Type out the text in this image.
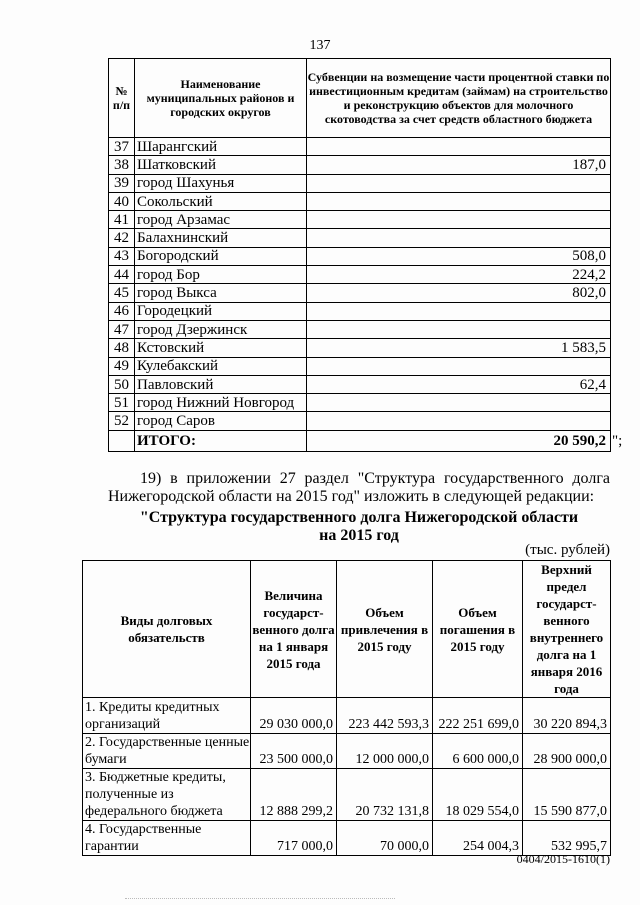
137
№ п/п	Наименование муниципальных районов и городских округов	Субвенции на возмещение части процентной ставки по инвестиционным кредитам (займам) на строительство и реконструкцию объектов для молочного скотоводства за счет средств областного бюджета
37	Шарангский	
38	Шатковский	187,0
39	город Шахунья	
40	Сокольский	
41	город Арзамас	
42	Балахнинский	
43	Богородский	508,0
44	город Бор	224,2
45	город Выкса	802,0
46	Городецкий	
47	город Дзержинск	
48	Кстовский	1 583,5
49	Кулебакский	
50	Павловский	62,4
51	город Нижний Новгород	
52	город Саров	
	ИТОГО:	20 590,2 ";
19) в приложении 27 раздел "Структура государственного долга
Нижегородской области на 2015 год" изложить в следующей редакции:
"Структура государственного долга Нижегородской области
на 2015 год
(тыс. рублей)
Виды долговых обязательств	Величина государст-венного долга на 1 января 2015 года	Объем привлечения в 2015 году	Объем погашения в 2015 году	Верхний предел государст-венного внутреннего долга на 1 января 2016 года
1. Кредиты кредитных организаций	29 030 000,0	223 442 593,3	222 251 699,0	30 220 894,3
2. Государственные ценные бумаги	23 500 000,0	12 000 000,0	6 600 000,0	28 900 000,0
3. Бюджетные кредиты, полученные из федерального бюджета	12 888 299,2	20 732 131,8	18 029 554,0	15 590 877,0
4. Государственные гарантии	717 000,0	70 000,0	254 004,3	532 995,7
0404/2015-1610(1)
